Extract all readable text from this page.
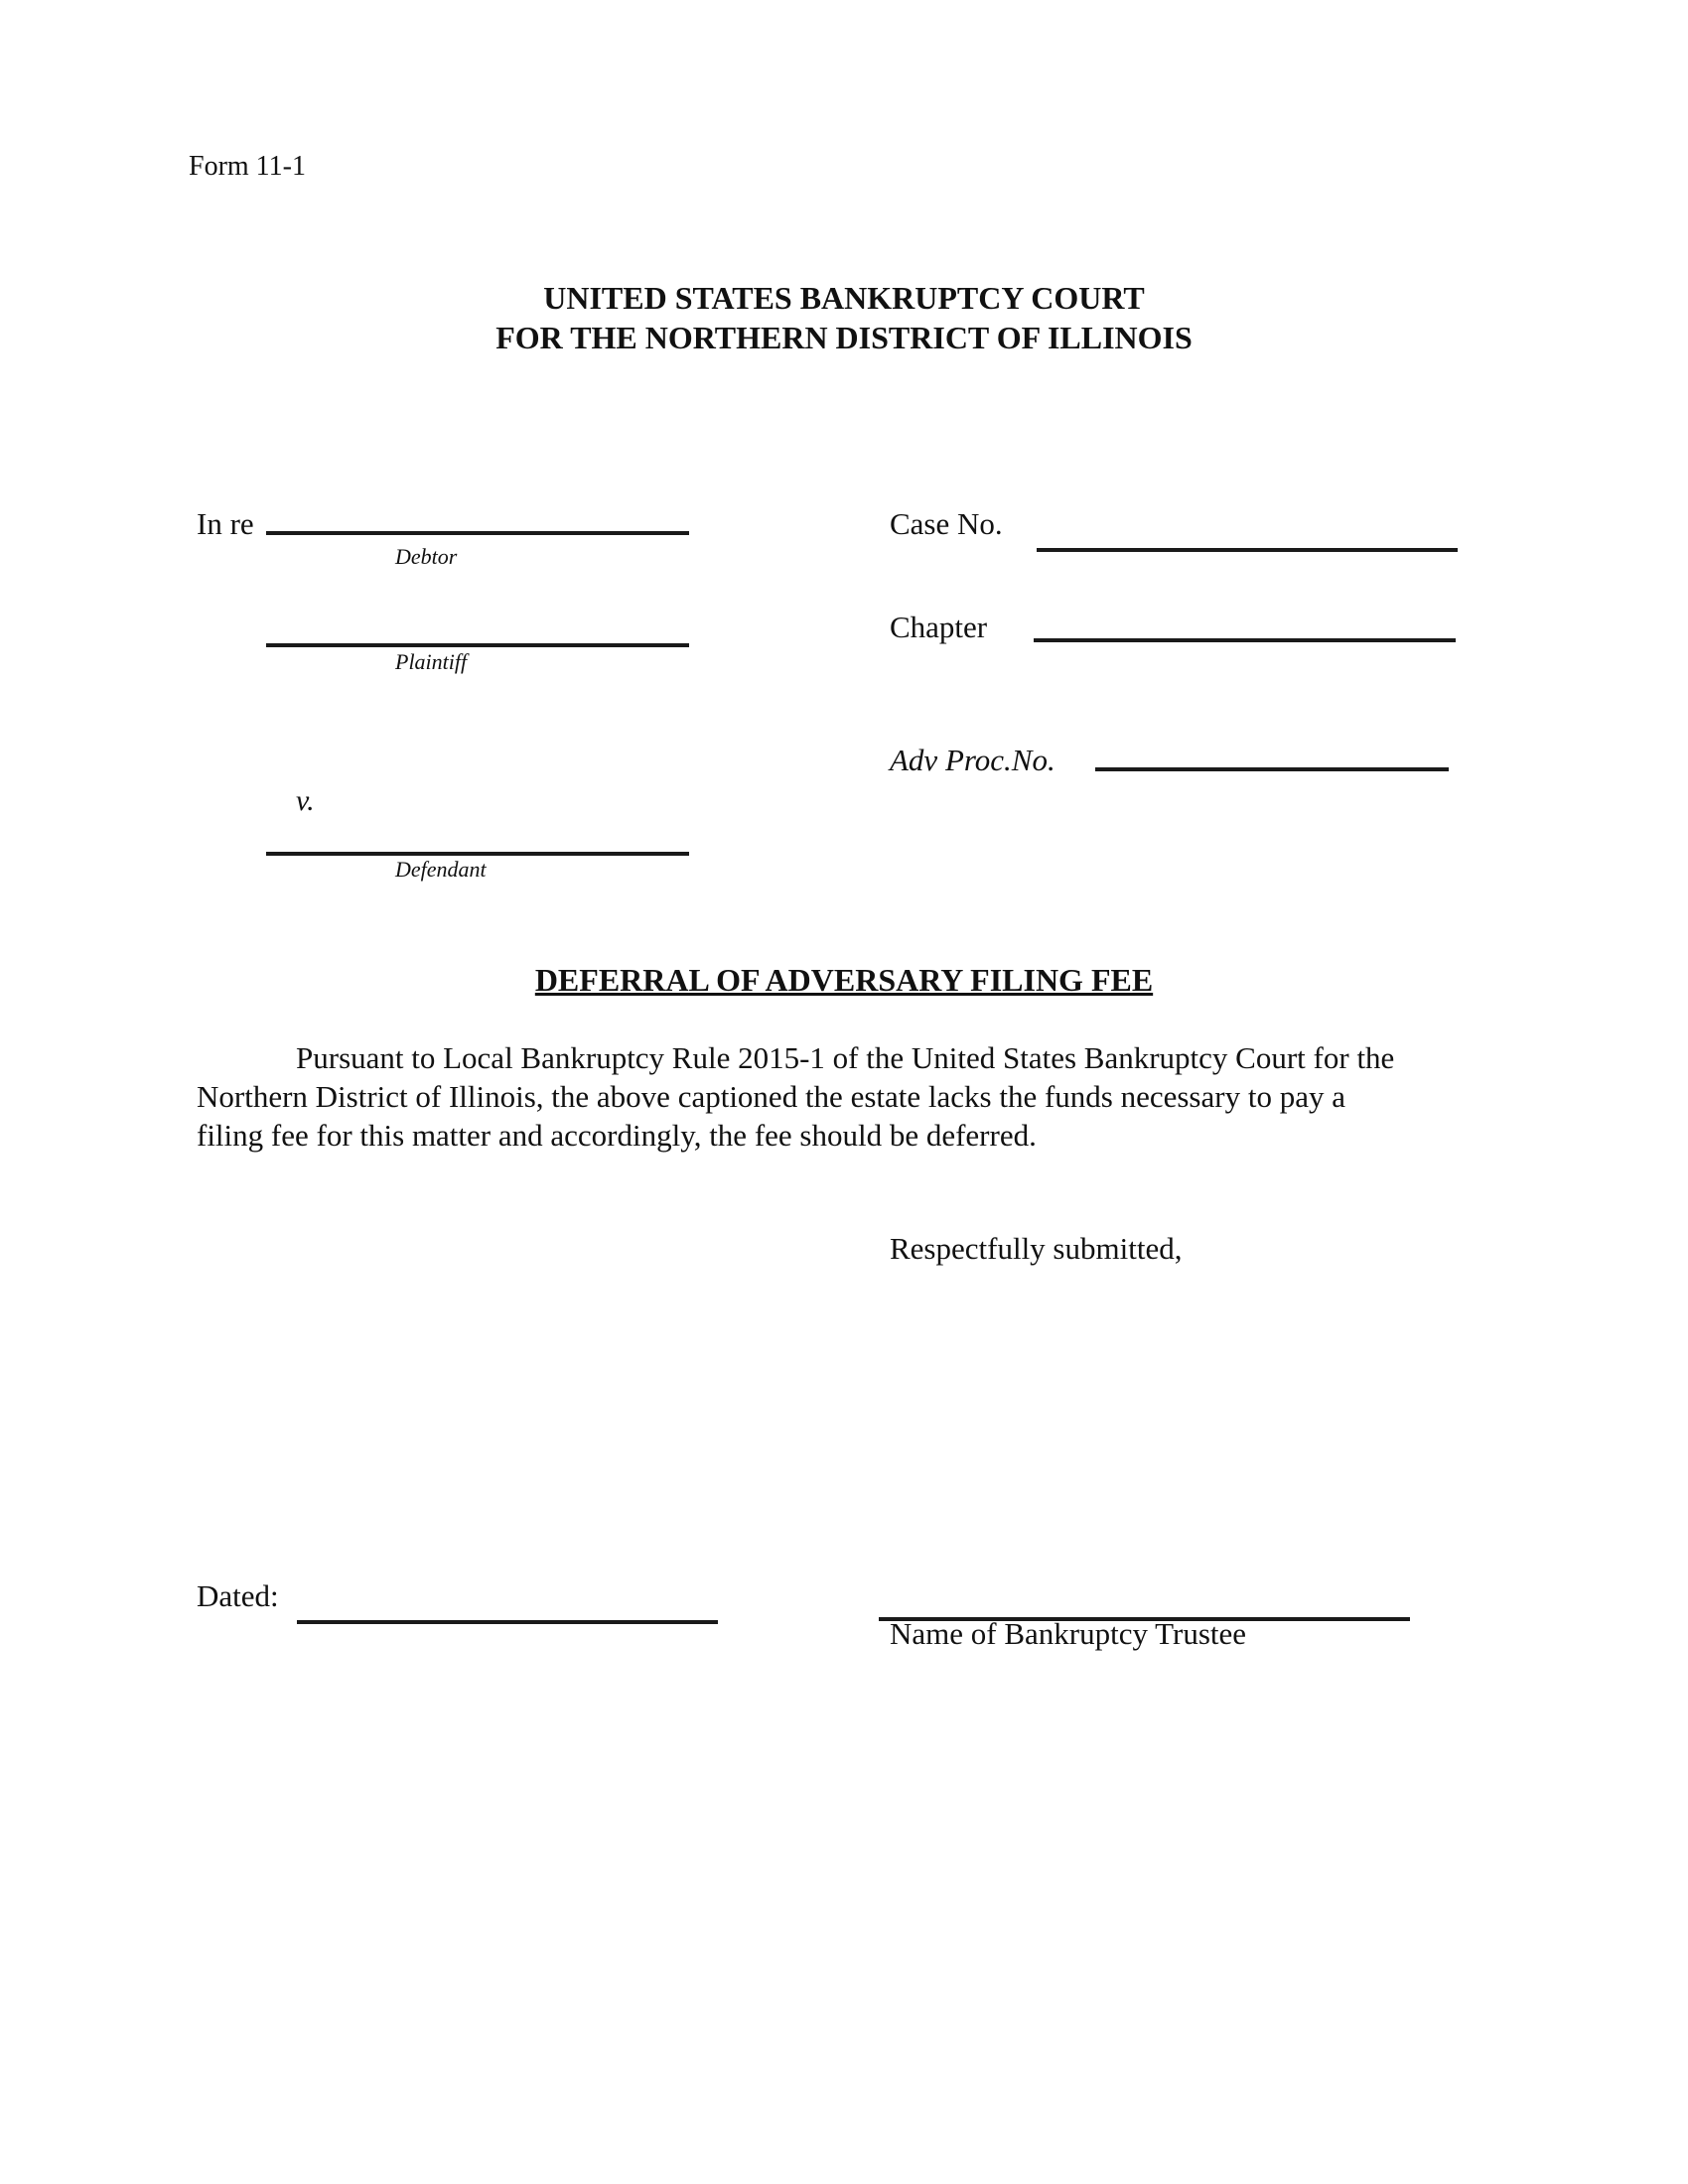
Form 11-1
UNITED STATES BANKRUPTCY COURT
FOR THE NORTHERN DISTRICT OF ILLINOIS
In re
Debtor
Plaintiff
v.
Defendant
Case No.
Chapter
Adv Proc.No.
DEFERRAL OF ADVERSARY FILING FEE
Pursuant to Local Bankruptcy Rule 2015-1 of the United States Bankruptcy Court for the
Northern District of Illinois, the above captioned the estate lacks the funds necessary to pay a
filing fee for this matter and accordingly, the fee should be deferred.
Respectfully submitted,
Dated:
Name of Bankruptcy Trustee
